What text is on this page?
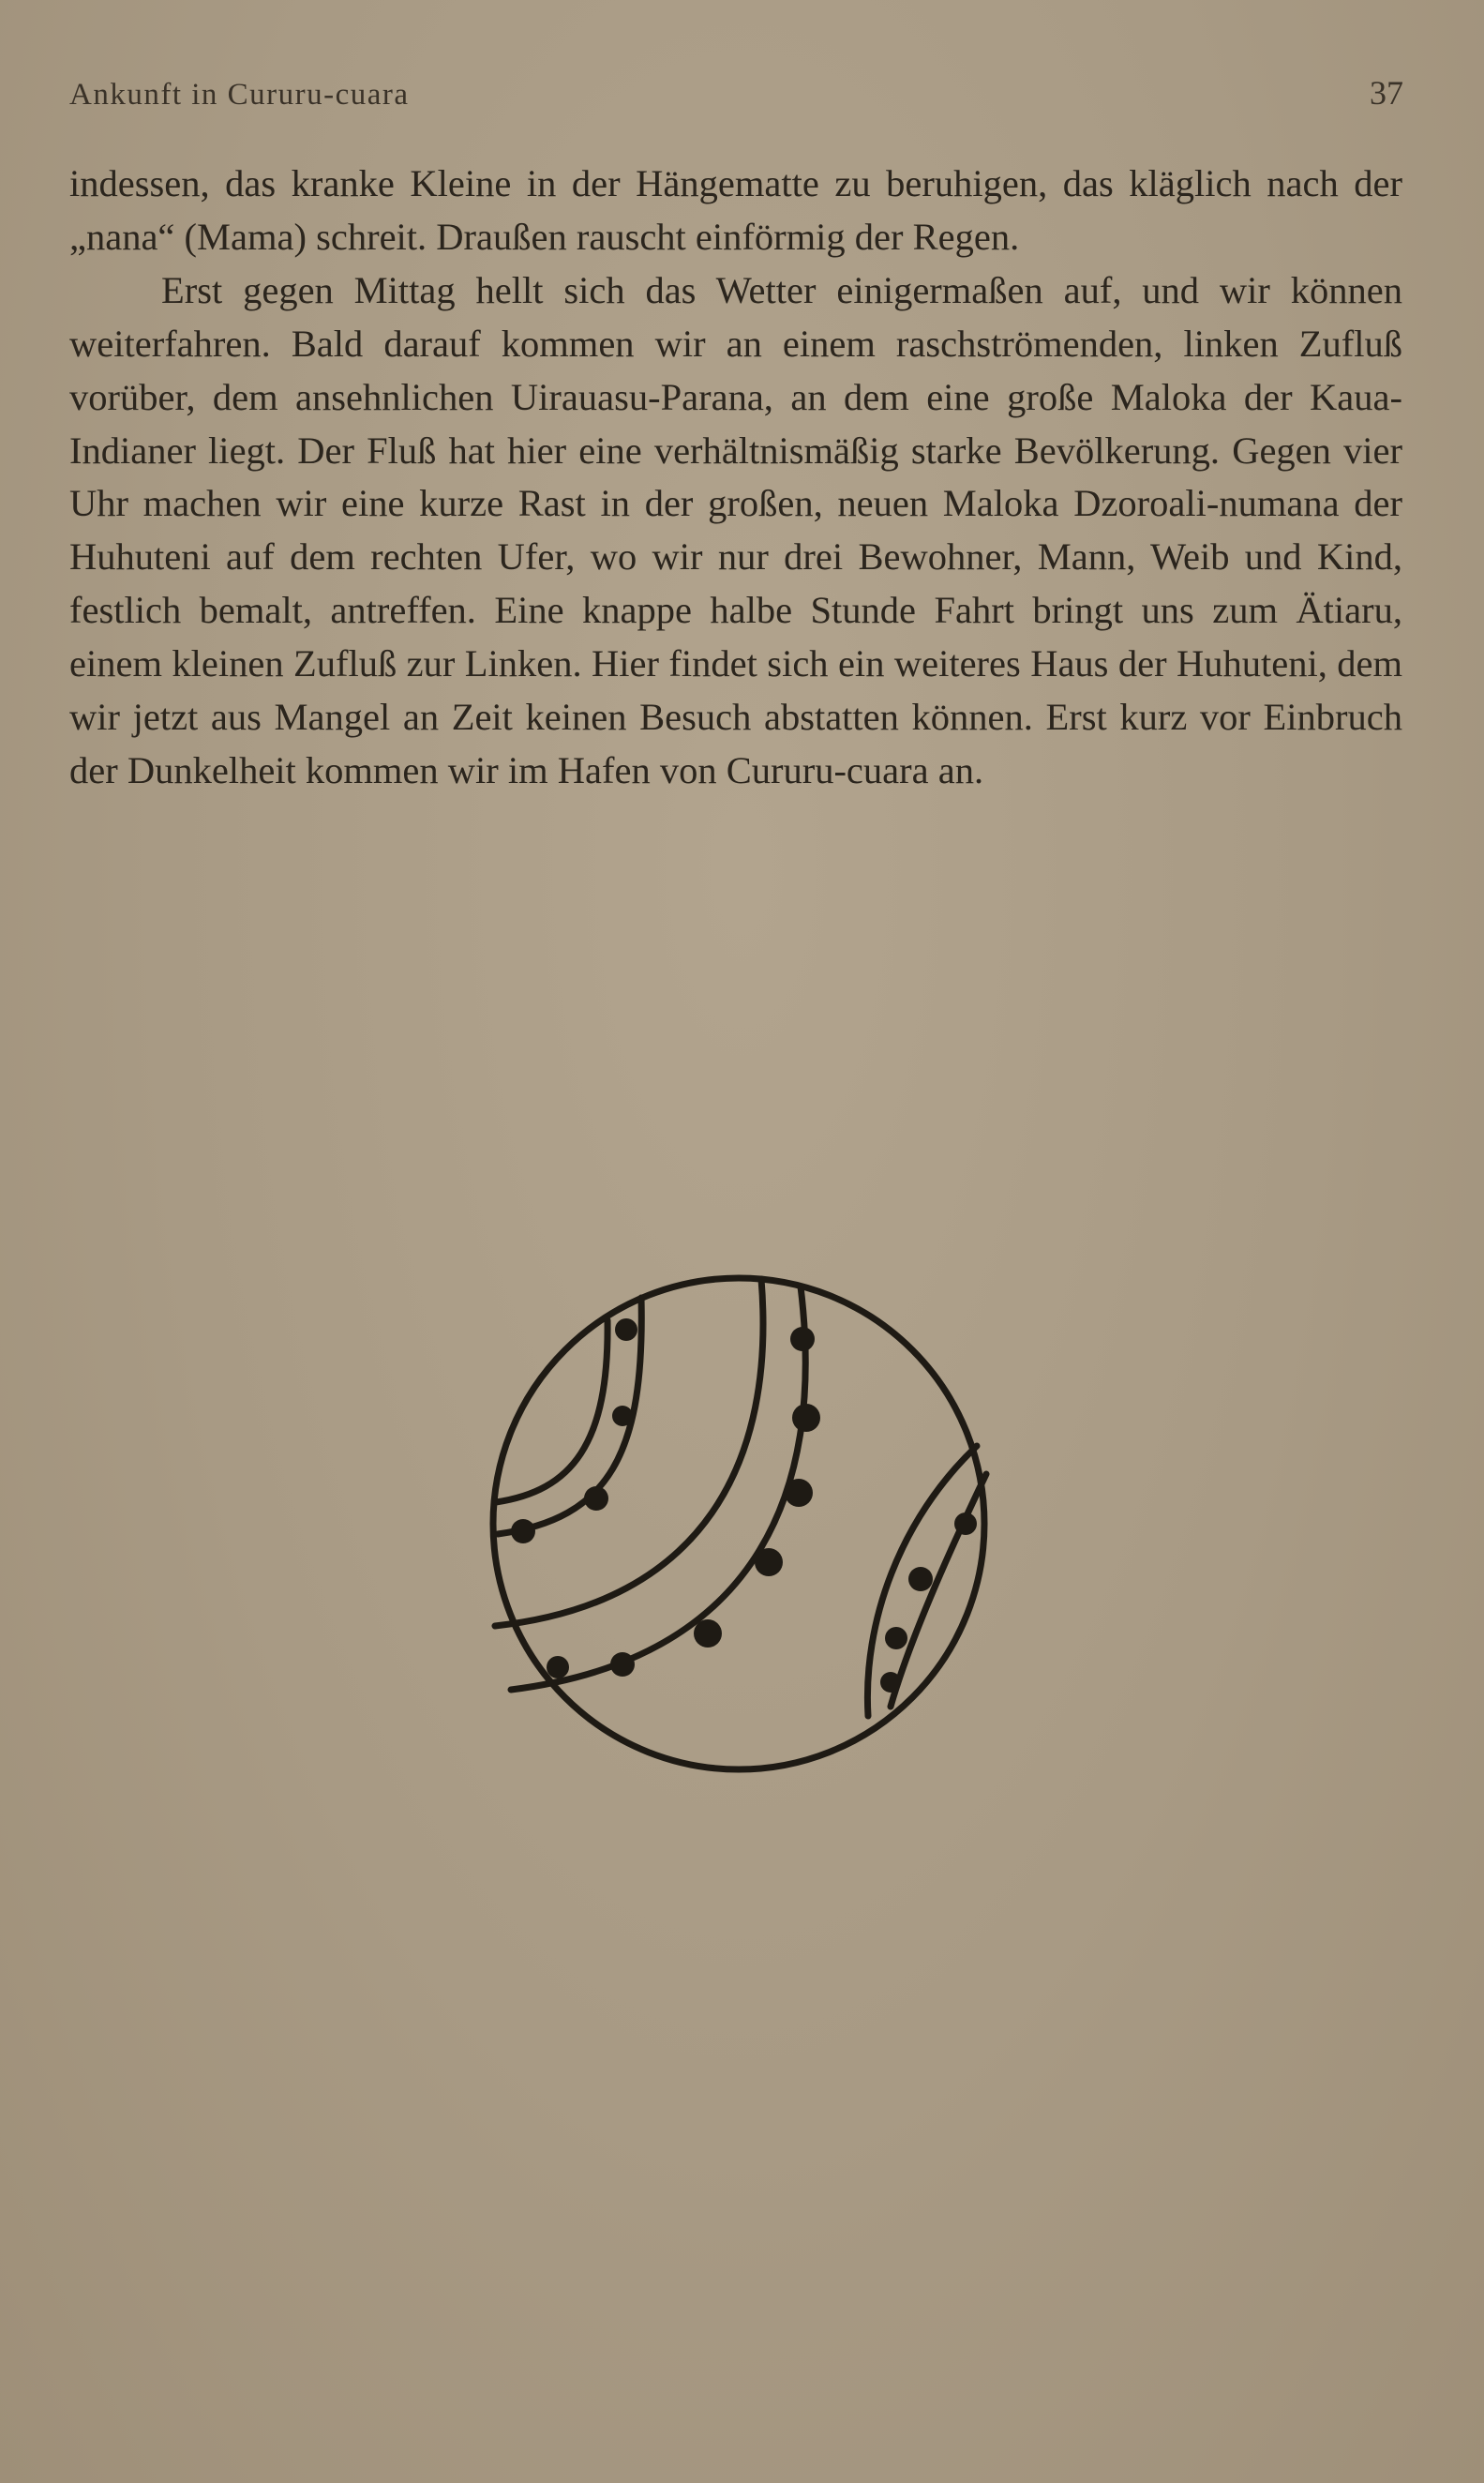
Ankunft in Cururu-cuara	37

indessen, das kranke Kleine in der Hängematte zu beruhigen, das kläglich nach der „nana“ (Mama) schreit. Draußen rauscht einförmig der Regen.

Erst gegen Mittag hellt sich das Wetter einigermaßen auf, und wir können weiterfahren. Bald darauf kommen wir an einem raschströmenden, linken Zufluß vorüber, dem ansehnlichen Uirauasu-Parana, an dem eine große Maloka der Kaua-Indianer liegt. Der Fluß hat hier eine verhältnismäßig starke Bevölkerung. Gegen vier Uhr machen wir eine kurze Rast in der großen, neuen Maloka Dzoroali-numana der Huhuteni auf dem rechten Ufer, wo wir nur drei Bewohner, Mann, Weib und Kind, festlich bemalt, antreffen. Eine knappe halbe Stunde Fahrt bringt uns zum Ätiaru, einem kleinen Zufluß zur Linken. Hier findet sich ein weiteres Haus der Huhuteni, dem wir jetzt aus Mangel an Zeit keinen Besuch abstatten können. Erst kurz vor Einbruch der Dunkelheit kommen wir im Hafen von Cururu-cuara an.
